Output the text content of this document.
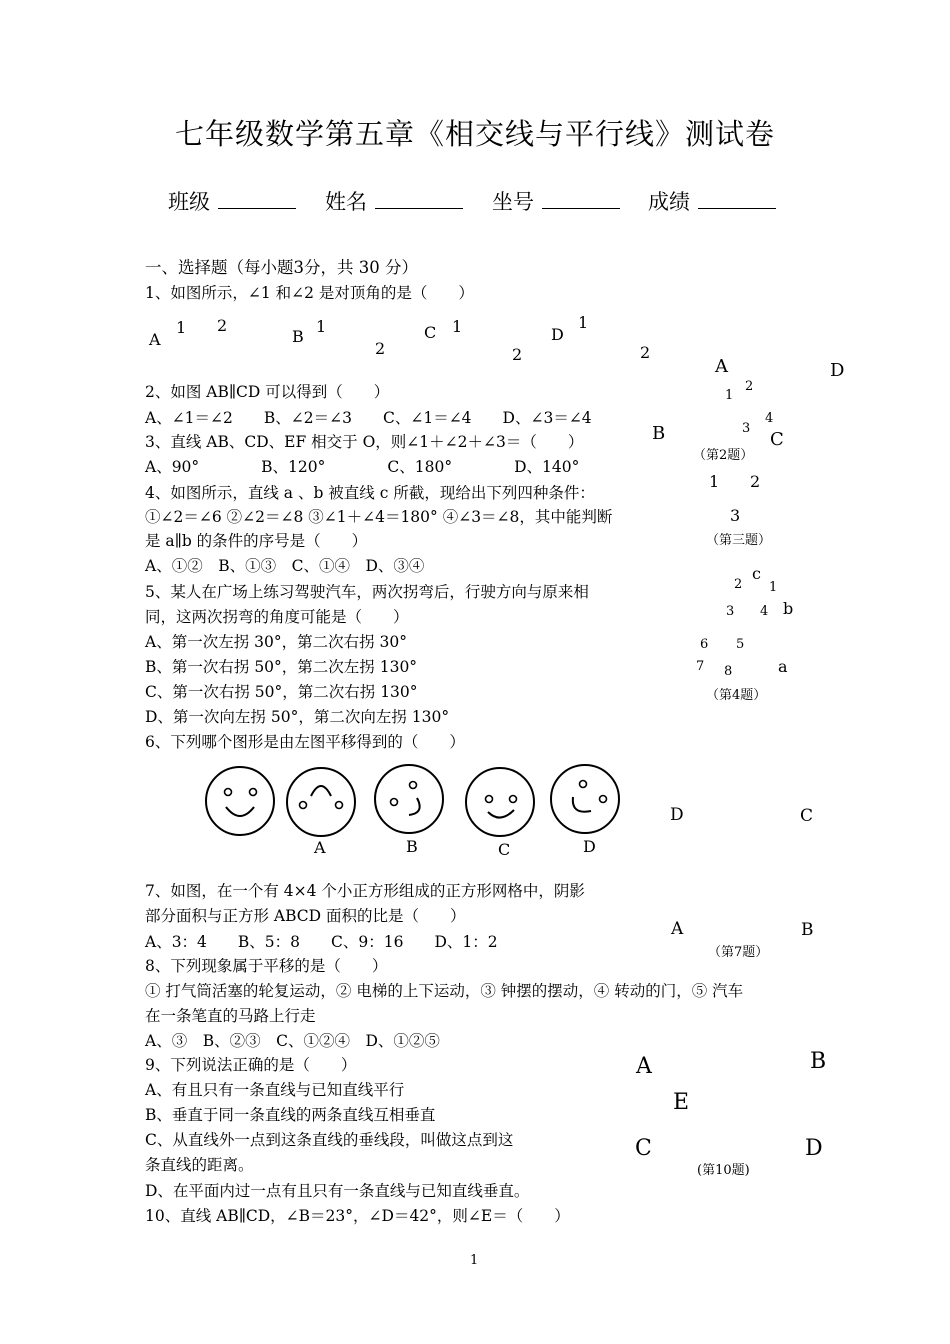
七年级数学第五章《相交线与平行线》测试卷
班级	姓名	坐号	成绩
一、选择题（每小题3分，共 30 分）
1、如图所示，∠1 和∠2 是对顶角的是（　　）
A
1 2
B
1
2
C 1
2
D
1
2
2、如图 AB∥CD 可以得到（　　）
A、∠1＝∠2　　B、∠2＝∠3　　C、∠1＝∠4　　D、∠3＝∠4
3、直线 AB、CD、EF 相交于 O，则∠1＋∠2＋∠3＝（　　）
A、90°　　　　B、120°　　　　C、180°　　　　D、140°
4、如图所示，直线 a 、b 被直线 c 所截，现给出下列四种条件：
①∠2＝∠6 ②∠2＝∠8 ③∠1＋∠4＝180° ④∠3＝∠8，其中能判断
是 a∥b 的条件的序号是（　　）
A、①②　B、①③　C、①④　D、③④
5、某人在广场上练习驾驶汽车，两次拐弯后，行驶方向与原来相
同，这两次拐弯的角度可能是（　　）
A、第一次左拐 30°，第二次右拐 30°
B、第一次右拐 50°，第二次左拐 130°
C、第一次右拐 50°，第二次右拐 130°
D、第一次向左拐 50°，第二次向左拐 130°
6、下列哪个图形是由左图平移得到的（　　）
A	D
1
2
3
4
B	C
（第2题）
1 2
3
（第三题）
c
2 1
3 4 b
6 5
7 8	a
（第4题）
A	B	C	D
D	C
A	B
（第7题）
7、如图，在一个有 4×4 个小正方形组成的正方形网格中，阴影
部分面积与正方形 ABCD 面积的比是（　　）
A、3：4　　B、5：8　　C、9：16　　D、1：2
8、下列现象属于平移的是（　　）
① 打气筒活塞的轮复运动，② 电梯的上下运动，③ 钟摆的摆动，④ 转动的门，⑤ 汽车
在一条笔直的马路上行走
A、③　B、②③　C、①②④　D、①②⑤
9、下列说法正确的是（　　）
A、有且只有一条直线与已知直线平行
B、垂直于同一条直线的两条直线互相垂直
C、从直线外一点到这条直线的垂线段，叫做这点到这
条直线的距离。
D、在平面内过一点有且只有一条直线与已知直线垂直。
10、直线 AB∥CD，∠B＝23°，∠D＝42°，则∠E＝（　　）
A	B
E
C	D
(第10题)
1
